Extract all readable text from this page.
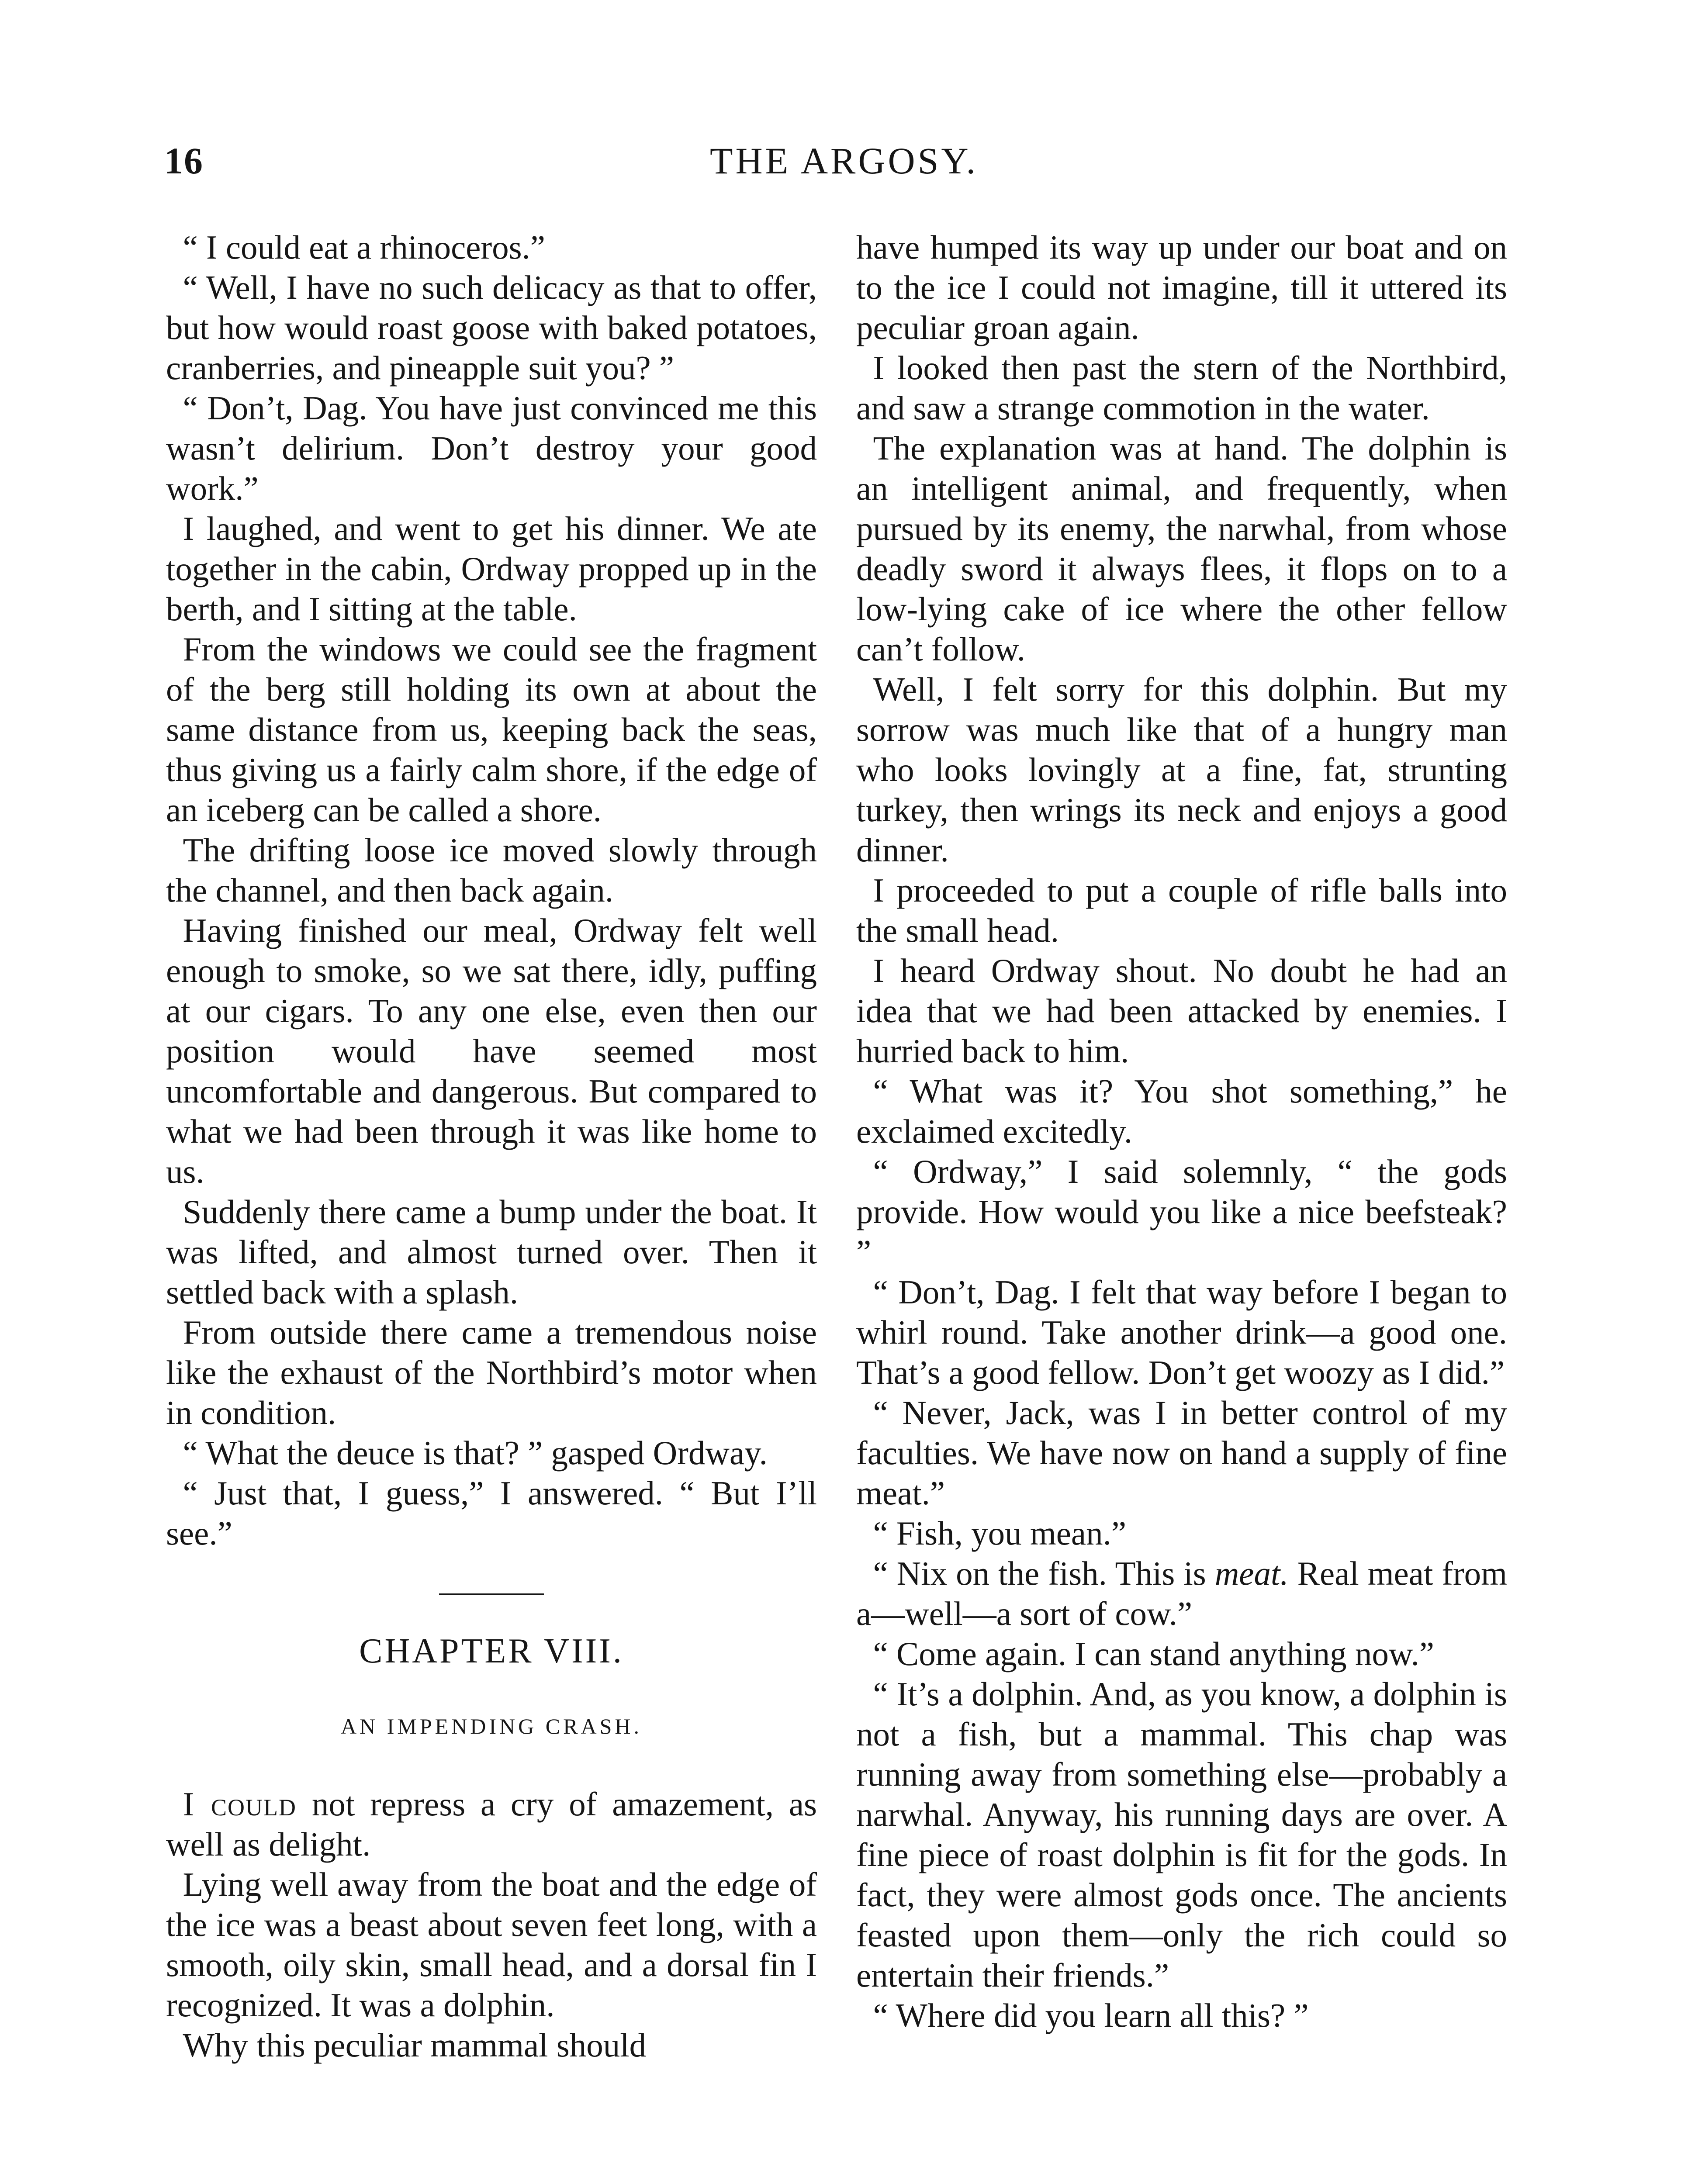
16	THE ARGOSY.

“ I could eat a rhinoceros.”

“ Well, I have no such delicacy as that to offer, but how would roast goose with baked potatoes, cranberries, and pineapple suit you? ”

“ Don’t, Dag. You have just convinced me this wasn’t delirium. Don’t destroy your good work.”

I laughed, and went to get his dinner. We ate together in the cabin, Ordway propped up in the berth, and I sitting at the table.

From the windows we could see the fragment of the berg still holding its own at about the same distance from us, keeping back the seas, thus giving us a fairly calm shore, if the edge of an iceberg can be called a shore.

The drifting loose ice moved slowly through the channel, and then back again.

Having finished our meal, Ordway felt well enough to smoke, so we sat there, idly, puffing at our cigars. To any one else, even then our position would have seemed most uncomfortable and dangerous. But compared to what we had been through it was like home to us.

Suddenly there came a bump under the boat. It was lifted, and almost turned over. Then it settled back with a splash.

From outside there came a tremendous noise like the exhaust of the Northbird’s motor when in condition.

“ What the deuce is that? ” gasped Ordway.

“ Just that, I guess,” I answered. “ But I’ll see.”

CHAPTER VIII.
AN IMPENDING CRASH.

I could not repress a cry of amazement, as well as delight.

Lying well away from the boat and the edge of the ice was a beast about seven feet long, with a smooth, oily skin, small head, and a dorsal fin I recognized. It was a dolphin.

Why this peculiar mammal should

have humped its way up under our boat and on to the ice I could not imagine, till it uttered its peculiar groan again.

I looked then past the stern of the Northbird, and saw a strange commotion in the water.

The explanation was at hand. The dolphin is an intelligent animal, and frequently, when pursued by its enemy, the narwhal, from whose deadly sword it always flees, it flops on to a low-lying cake of ice where the other fellow can’t follow.

Well, I felt sorry for this dolphin. But my sorrow was much like that of a hungry man who looks lovingly at a fine, fat, strunting turkey, then wrings its neck and enjoys a good dinner.

I proceeded to put a couple of rifle balls into the small head.

I heard Ordway shout. No doubt he had an idea that we had been attacked by enemies. I hurried back to him.

“ What was it? You shot something,” he exclaimed excitedly.

“ Ordway,” I said solemnly, “ the gods provide. How would you like a nice beefsteak? ”

“ Don’t, Dag. I felt that way before I began to whirl round. Take another drink—a good one. That’s a good fellow. Don’t get woozy as I did.”

“ Never, Jack, was I in better control of my faculties. We have now on hand a supply of fine meat.”

“ Fish, you mean.”

“ Nix on the fish. This is meat. Real meat from a—well—a sort of cow.”

“ Come again. I can stand anything now.”

“ It’s a dolphin. And, as you know, a dolphin is not a fish, but a mammal. This chap was running away from something else—probably a narwhal. Anyway, his running days are over. A fine piece of roast dolphin is fit for the gods. In fact, they were almost gods once. The ancients feasted upon them—only the rich could so entertain their friends.”

“ Where did you learn all this? ”
